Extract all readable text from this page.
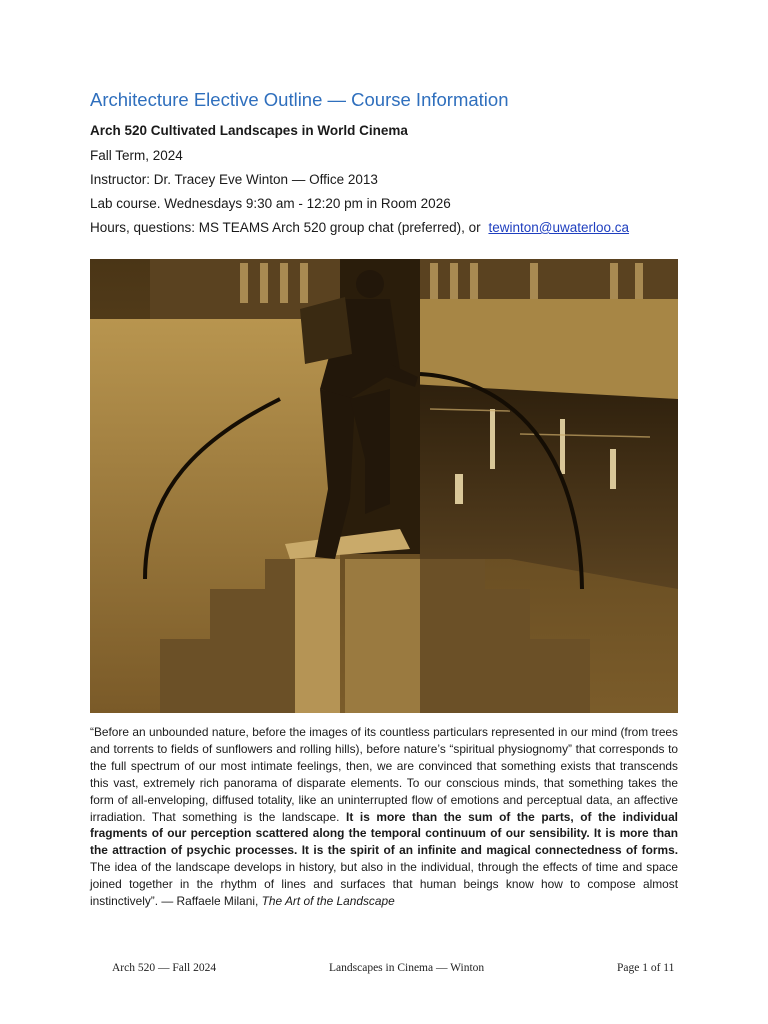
Architecture Elective Outline — Course Information
Arch 520 Cultivated Landscapes in World Cinema
Fall Term, 2024
Instructor: Dr. Tracey Eve Winton — Office 2013
Lab course. Wednesdays 9:30 am - 12:20 pm in Room 2026
Hours, questions: MS TEAMS Arch 520 group chat (preferred), or tewinton@uwaterloo.ca
“Before an unbounded nature, before the images of its countless particulars represented in our mind (from trees and torrents to fields of sunflowers and rolling hills), before nature’s “spiritual physiognomy” that corresponds to the full spectrum of our most intimate feelings, then, we are convinced that something exists that transcends this vast, extremely rich panorama of disparate elements. To our conscious minds, that something takes the form of all-enveloping, diffused totality, like an uninterrupted flow of emotions and perceptual data, an affective irradiation. That something is the landscape. It is more than the sum of the parts, of the individual fragments of our perception scattered along the temporal continuum of our sensibility. It is more than the attraction of psychic processes. It is the spirit of an infinite and magical connectedness of forms. The idea of the landscape develops in history, but also in the individual, through the effects of time and space joined together in the rhythm of lines and surfaces that human beings know how to compose almost instinctively”. — Raffaele Milani, The Art of the Landscape
Arch 520 — Fall 2024	Landscapes in Cinema — Winton	Page 1 of 11
